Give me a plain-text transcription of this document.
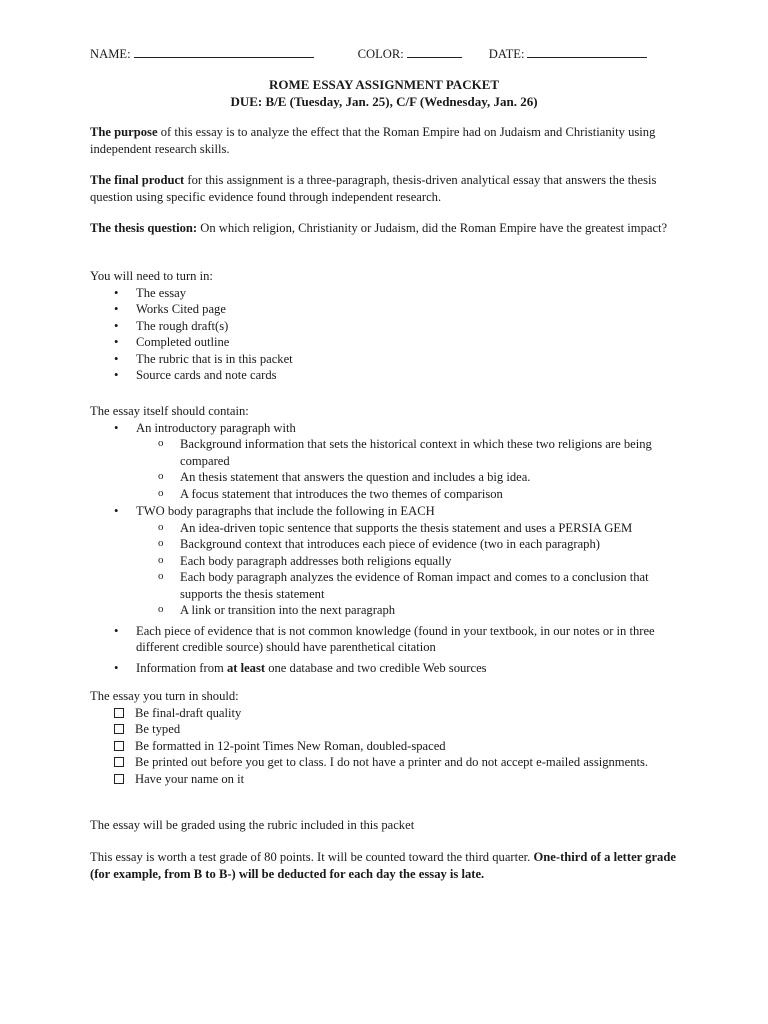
NAME:	COLOR:	DATE:
ROME ESSAY ASSIGNMENT PACKET
DUE: B/E (Tuesday, Jan. 25), C/F (Wednesday, Jan. 26)

The purpose of this essay is to analyze the effect that the Roman Empire had on Judaism and Christianity using independent research skills.

The final product for this assignment is a three-paragraph, thesis-driven analytical essay that answers the thesis question using specific evidence found through independent research.

The thesis question: On which religion, Christianity or Judaism, did the Roman Empire have the greatest impact?

You will need to turn in:

• The essay
• Works Cited page
• The rough draft(s)
• Completed outline
• The rubric that is in this packet
• Source cards and note cards

The essay itself should contain:

• An introductory paragraph with
o Background information that sets the historical context in which these two religions are being compared
o An thesis statement that answers the question and includes a big idea.
o A focus statement that introduces the two themes of comparison
• TWO body paragraphs that include the following in EACH
o An idea-driven topic sentence that supports the thesis statement and uses a PERSIA GEM
o Background context that introduces each piece of evidence (two in each paragraph)
o Each body paragraph addresses both religions equally
o Each body paragraph analyzes the evidence of Roman impact and comes to a conclusion that supports the thesis statement
o A link or transition into the next paragraph
• Each piece of evidence that is not common knowledge (found in your textbook, in our notes or in three different credible source) should have parenthetical citation
• Information from at least one database and two credible Web sources

The essay you turn in should:

Be final-draft quality
Be typed
Be formatted in 12-point Times New Roman, doubled-spaced
Be printed out before you get to class. I do not have a printer and do not accept e-mailed assignments.
Have your name on it

The essay will be graded using the rubric included in this packet

This essay is worth a test grade of 80 points. It will be counted toward the third quarter. One-third of a letter grade (for example, from B to B-) will be deducted for each day the essay is late.
